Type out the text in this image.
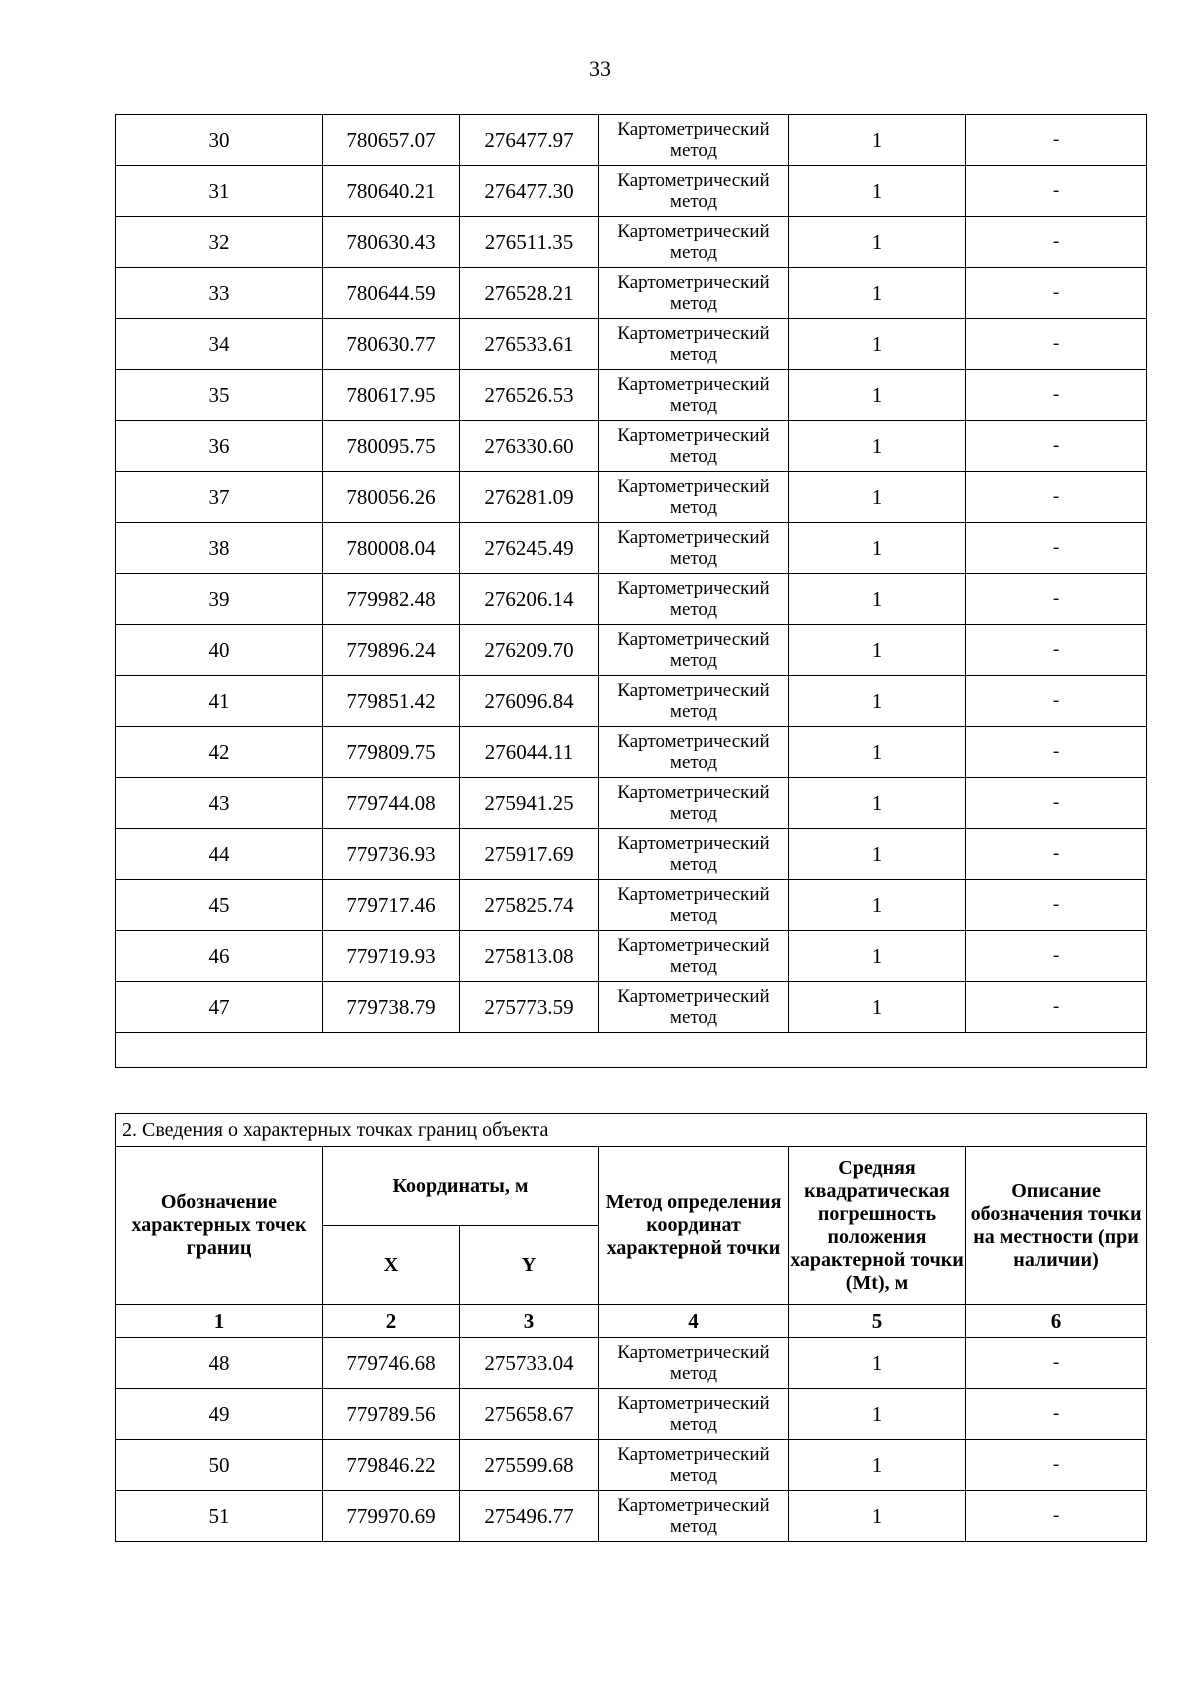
33
30	780657.07	276477.97	Картометрический метод	1	-
31	780640.21	276477.30	Картометрический метод	1	-
32	780630.43	276511.35	Картометрический метод	1	-
33	780644.59	276528.21	Картометрический метод	1	-
34	780630.77	276533.61	Картометрический метод	1	-
35	780617.95	276526.53	Картометрический метод	1	-
36	780095.75	276330.60	Картометрический метод	1	-
37	780056.26	276281.09	Картометрический метод	1	-
38	780008.04	276245.49	Картометрический метод	1	-
39	779982.48	276206.14	Картометрический метод	1	-
40	779896.24	276209.70	Картометрический метод	1	-
41	779851.42	276096.84	Картометрический метод	1	-
42	779809.75	276044.11	Картометрический метод	1	-
43	779744.08	275941.25	Картометрический метод	1	-
44	779736.93	275917.69	Картометрический метод	1	-
45	779717.46	275825.74	Картометрический метод	1	-
46	779719.93	275813.08	Картометрический метод	1	-
47	779738.79	275773.59	Картометрический метод	1	-

2. Сведения о характерных точках границ объекта					
Обозначение характерных точек границ	Координаты, м		Метод определения координат характерной точки	Средняя квадратическая погрешность положения характерной точки (Mt), м	Описание обозначения точки на местности (при наличии)
	X	Y			
1	2	3	4	5	6
48	779746.68	275733.04	Картометрический метод	1	-
49	779789.56	275658.67	Картометрический метод	1	-
50	779846.22	275599.68	Картометрический метод	1	-
51	779970.69	275496.77	Картометрический метод	1	-
